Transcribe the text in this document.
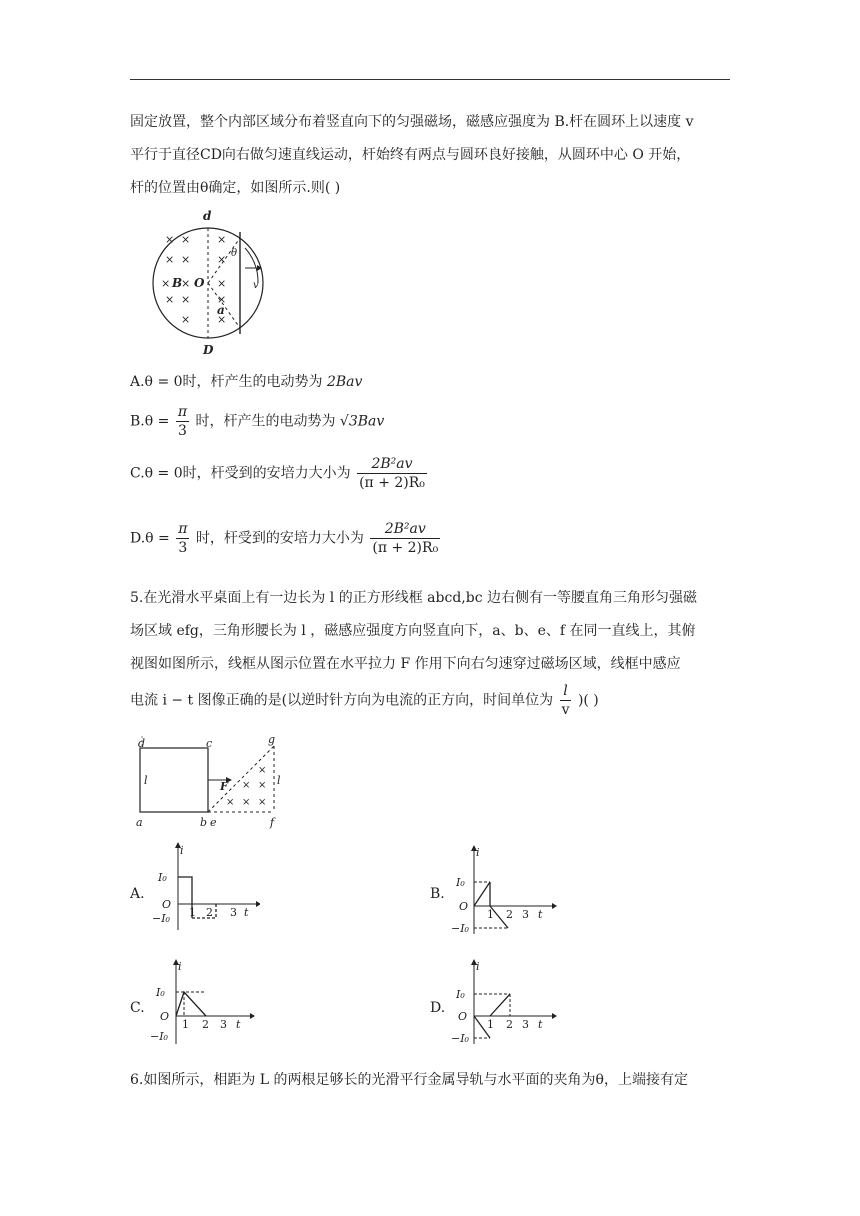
固定放置，整个内部区域分布着竖直向下的匀强磁场，磁感应强度为 B.杆在圆环上以速度 v
平行于直径CD向右做匀速直线运动，杆始终有两点与圆环良好接触，从圆环中心 O 开始，
杆的位置由θ确定，如图所示.则( )
d
D
B O
a
θ
v
× × ×
× × ×
× × ×
× × ×
× ×
A.θ = 0时，杆产生的电动势为 2Bav
$B.\theta = \frac{\pi}{3}$ 时，杆产生的电动势为 √3Bav
C.θ = 0时，杆受到的安培力大小为 $\frac{\text{2B²av}}{\text{(π + 2)R₀}}$
$D.\theta = \frac{\pi}{3}$ 时，杆受到的安培力大小为 $\frac{\text{2B²av}}{\text{(π + 2)R₀}}$
5.在光滑水平桌面上有一边长为 l 的正方形线框 abcd,bc 边右侧有一等腰直角三角形匀强磁
场区域 efg，三角形腰长为 l ，磁感应强度方向竖直向下，a、b、e、f 在同一直线上，其俯
视图如图所示，线框从图示位置在水平拉力 F 作用下向右匀速穿过磁场区域，线框中感应
电流 i − t 图像正确的是(以逆时针方向为电流的正方向，时间单位为 $\frac{l}{v}$ )( )
×
× ×
× × ×
d	c	g
l	F	l
a	b e	f
A.
i
I₀
O
−I₀ 1 2 3 t
B.
i
I₀
O
−I₀
1 2 3 t
C.
i
I₀
O
−I₀
1 2 3 t
D.
i
I₀
O
−I₀
1 2 3 t
6.如图所示，相距为 L 的两根足够长的光滑平行金属导轨与水平面的夹角为θ，上端接有定
